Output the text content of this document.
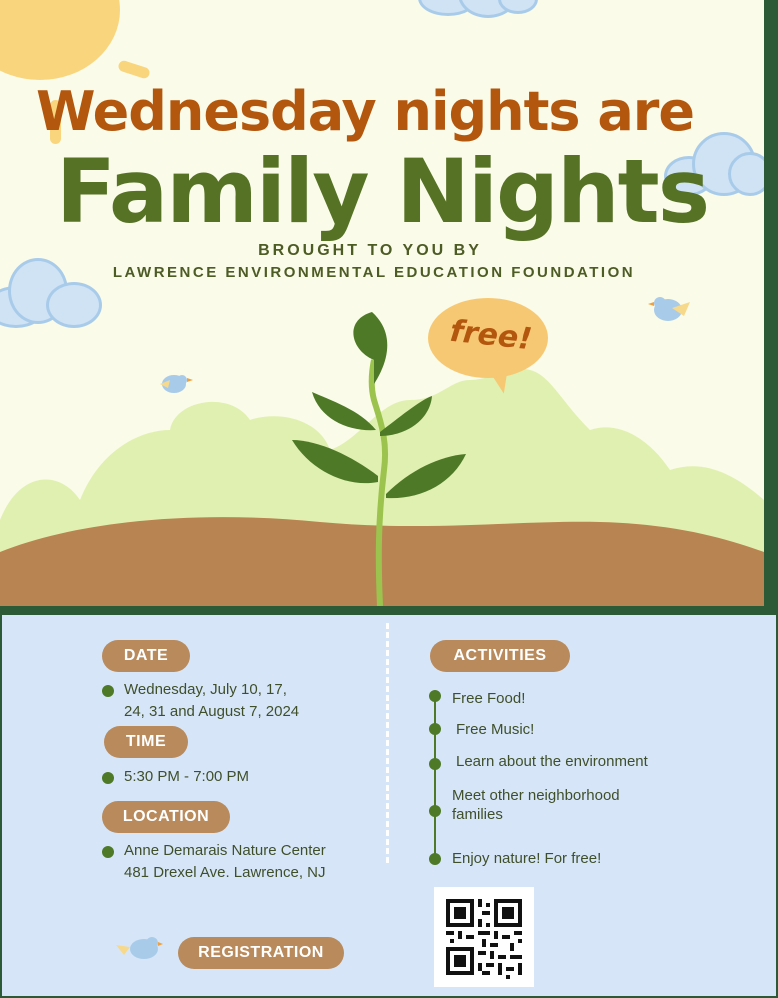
free!
Wednesday nights are
Family Nights
BROUGHT TO YOU BY
LAWRENCE ENVIRONMENTAL EDUCATION FOUNDATION
DATE
Wednesday, July 10, 17,
24, 31 and August 7, 2024
TIME
5:30 PM - 7:00 PM
LOCATION
Anne Demarais Nature Center
481 Drexel Ave. Lawrence, NJ
ACTIVITIES
Free Food!
Free Music!
Learn about the environment
Meet other neighborhood
families
Enjoy nature! For free!
REGISTRATION
